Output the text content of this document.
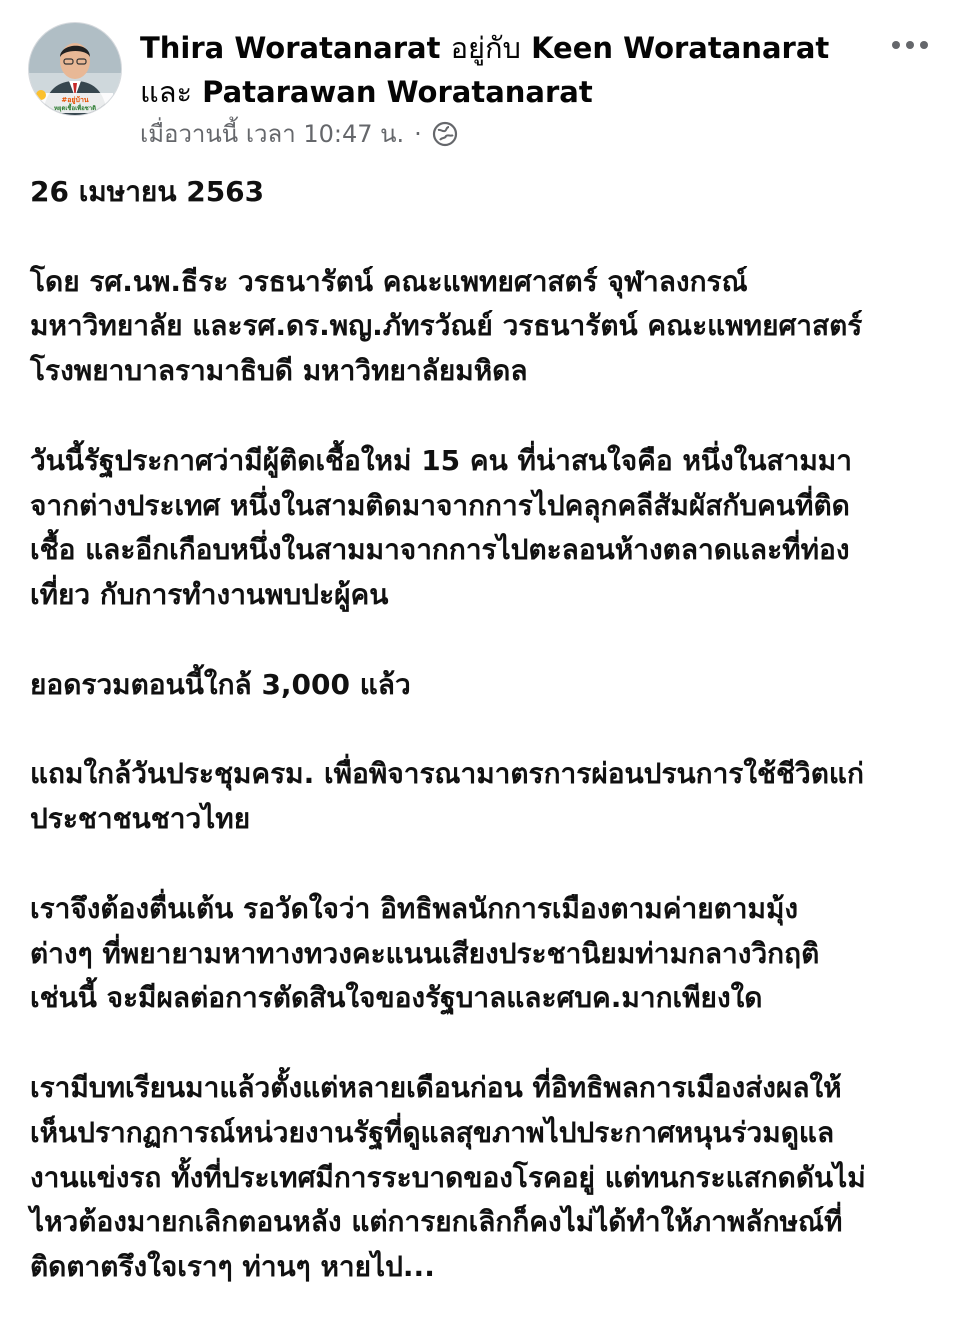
#อยู่บ้าน
หยุดเชื้อเพื่อชาติ
Thira Woratanarat อยู่กับ Keen Woratanarat
และ Patarawan Woratanarat
เมื่อวานนี้ เวลา 10:47 น. ·
26 เมษายน 2563
โดย รศ.นพ.ธีระ วรธนารัตน์ คณะแพทยศาสตร์ จุฬาลงกรณ์
มหาวิทยาลัย และรศ.ดร.พญ.ภัทรวัณย์ วรธนารัตน์ คณะแพทยศาสตร์
โรงพยาบาลรามาธิบดี มหาวิทยาลัยมหิดล
วันนี้รัฐประกาศว่ามีผู้ติดเชื้อใหม่ 15 คน ที่น่าสนใจคือ หนึ่งในสามมา
จากต่างประเทศ หนึ่งในสามติดมาจากการไปคลุกคลีสัมผัสกับคนที่ติด
เชื้อ และอีกเกือบหนึ่งในสามมาจากการไปตะลอนห้างตลาดและที่ท่อง
เที่ยว กับการทำงานพบปะผู้คน
ยอดรวมตอนนี้ใกล้ 3,000 แล้ว
แถมใกล้วันประชุมครม. เพื่อพิจารณามาตรการผ่อนปรนการใช้ชีวิตแก่
ประชาชนชาวไทย
เราจึงต้องตื่นเต้น รอวัดใจว่า อิทธิพลนักการเมืองตามค่ายตามมุ้ง
ต่างๆ ที่พยายามหาทางทวงคะแนนเสียงประชานิยมท่ามกลางวิกฤติ
เช่นนี้ จะมีผลต่อการตัดสินใจของรัฐบาลและศบค.มากเพียงใด
เรามีบทเรียนมาแล้วตั้งแต่หลายเดือนก่อน ที่อิทธิพลการเมืองส่งผลให้
เห็นปรากฏการณ์หน่วยงานรัฐที่ดูแลสุขภาพไปประกาศหนุนร่วมดูแล
งานแข่งรถ ทั้งที่ประเทศมีการระบาดของโรคอยู่ แต่ทนกระแสกดดันไม่
ไหวต้องมายกเลิกตอนหลัง แต่การยกเลิกก็คงไม่ได้ทำให้ภาพลักษณ์ที่
ติดตาตรึงใจเราๆ ท่านๆ หายไป...
